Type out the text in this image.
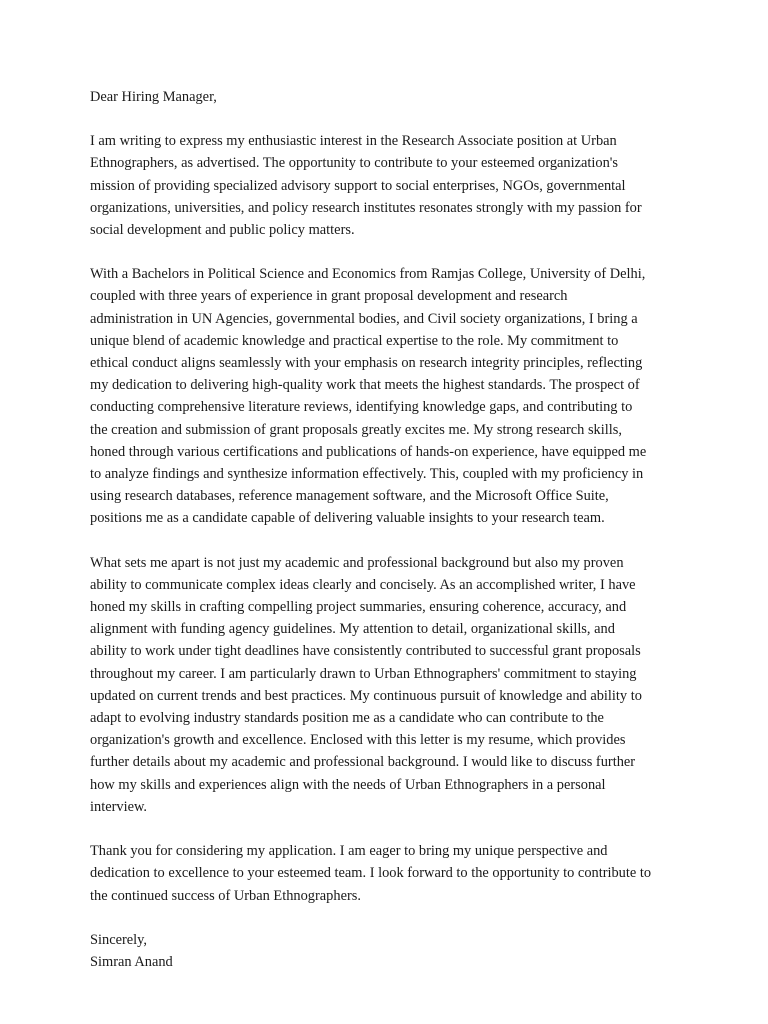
Dear Hiring Manager,

I am writing to express my enthusiastic interest in the Research Associate position at Urban
Ethnographers, as advertised. The opportunity to contribute to your esteemed organization's
mission of providing specialized advisory support to social enterprises, NGOs, governmental
organizations, universities, and policy research institutes resonates strongly with my passion for
social development and public policy matters.

With a Bachelors in Political Science and Economics from Ramjas College, University of Delhi,
coupled with three years of experience in grant proposal development and research
administration in UN Agencies, governmental bodies, and Civil society organizations, I bring a
unique blend of academic knowledge and practical expertise to the role. My commitment to
ethical conduct aligns seamlessly with your emphasis on research integrity principles, reflecting
my dedication to delivering high-quality work that meets the highest standards. The prospect of
conducting comprehensive literature reviews, identifying knowledge gaps, and contributing to
the creation and submission of grant proposals greatly excites me. My strong research skills,
honed through various certifications and publications of hands-on experience, have equipped me
to analyze findings and synthesize information effectively. This, coupled with my proficiency in
using research databases, reference management software, and the Microsoft Office Suite,
positions me as a candidate capable of delivering valuable insights to your research team.

What sets me apart is not just my academic and professional background but also my proven
ability to communicate complex ideas clearly and concisely. As an accomplished writer, I have
honed my skills in crafting compelling project summaries, ensuring coherence, accuracy, and
alignment with funding agency guidelines. My attention to detail, organizational skills, and
ability to work under tight deadlines have consistently contributed to successful grant proposals
throughout my career. I am particularly drawn to Urban Ethnographers' commitment to staying
updated on current trends and best practices. My continuous pursuit of knowledge and ability to
adapt to evolving industry standards position me as a candidate who can contribute to the
organization's growth and excellence. Enclosed with this letter is my resume, which provides
further details about my academic and professional background. I would like to discuss further
how my skills and experiences align with the needs of Urban Ethnographers in a personal
interview.

Thank you for considering my application. I am eager to bring my unique perspective and
dedication to excellence to your esteemed team. I look forward to the opportunity to contribute to
the continued success of Urban Ethnographers.

Sincerely,
Simran Anand
